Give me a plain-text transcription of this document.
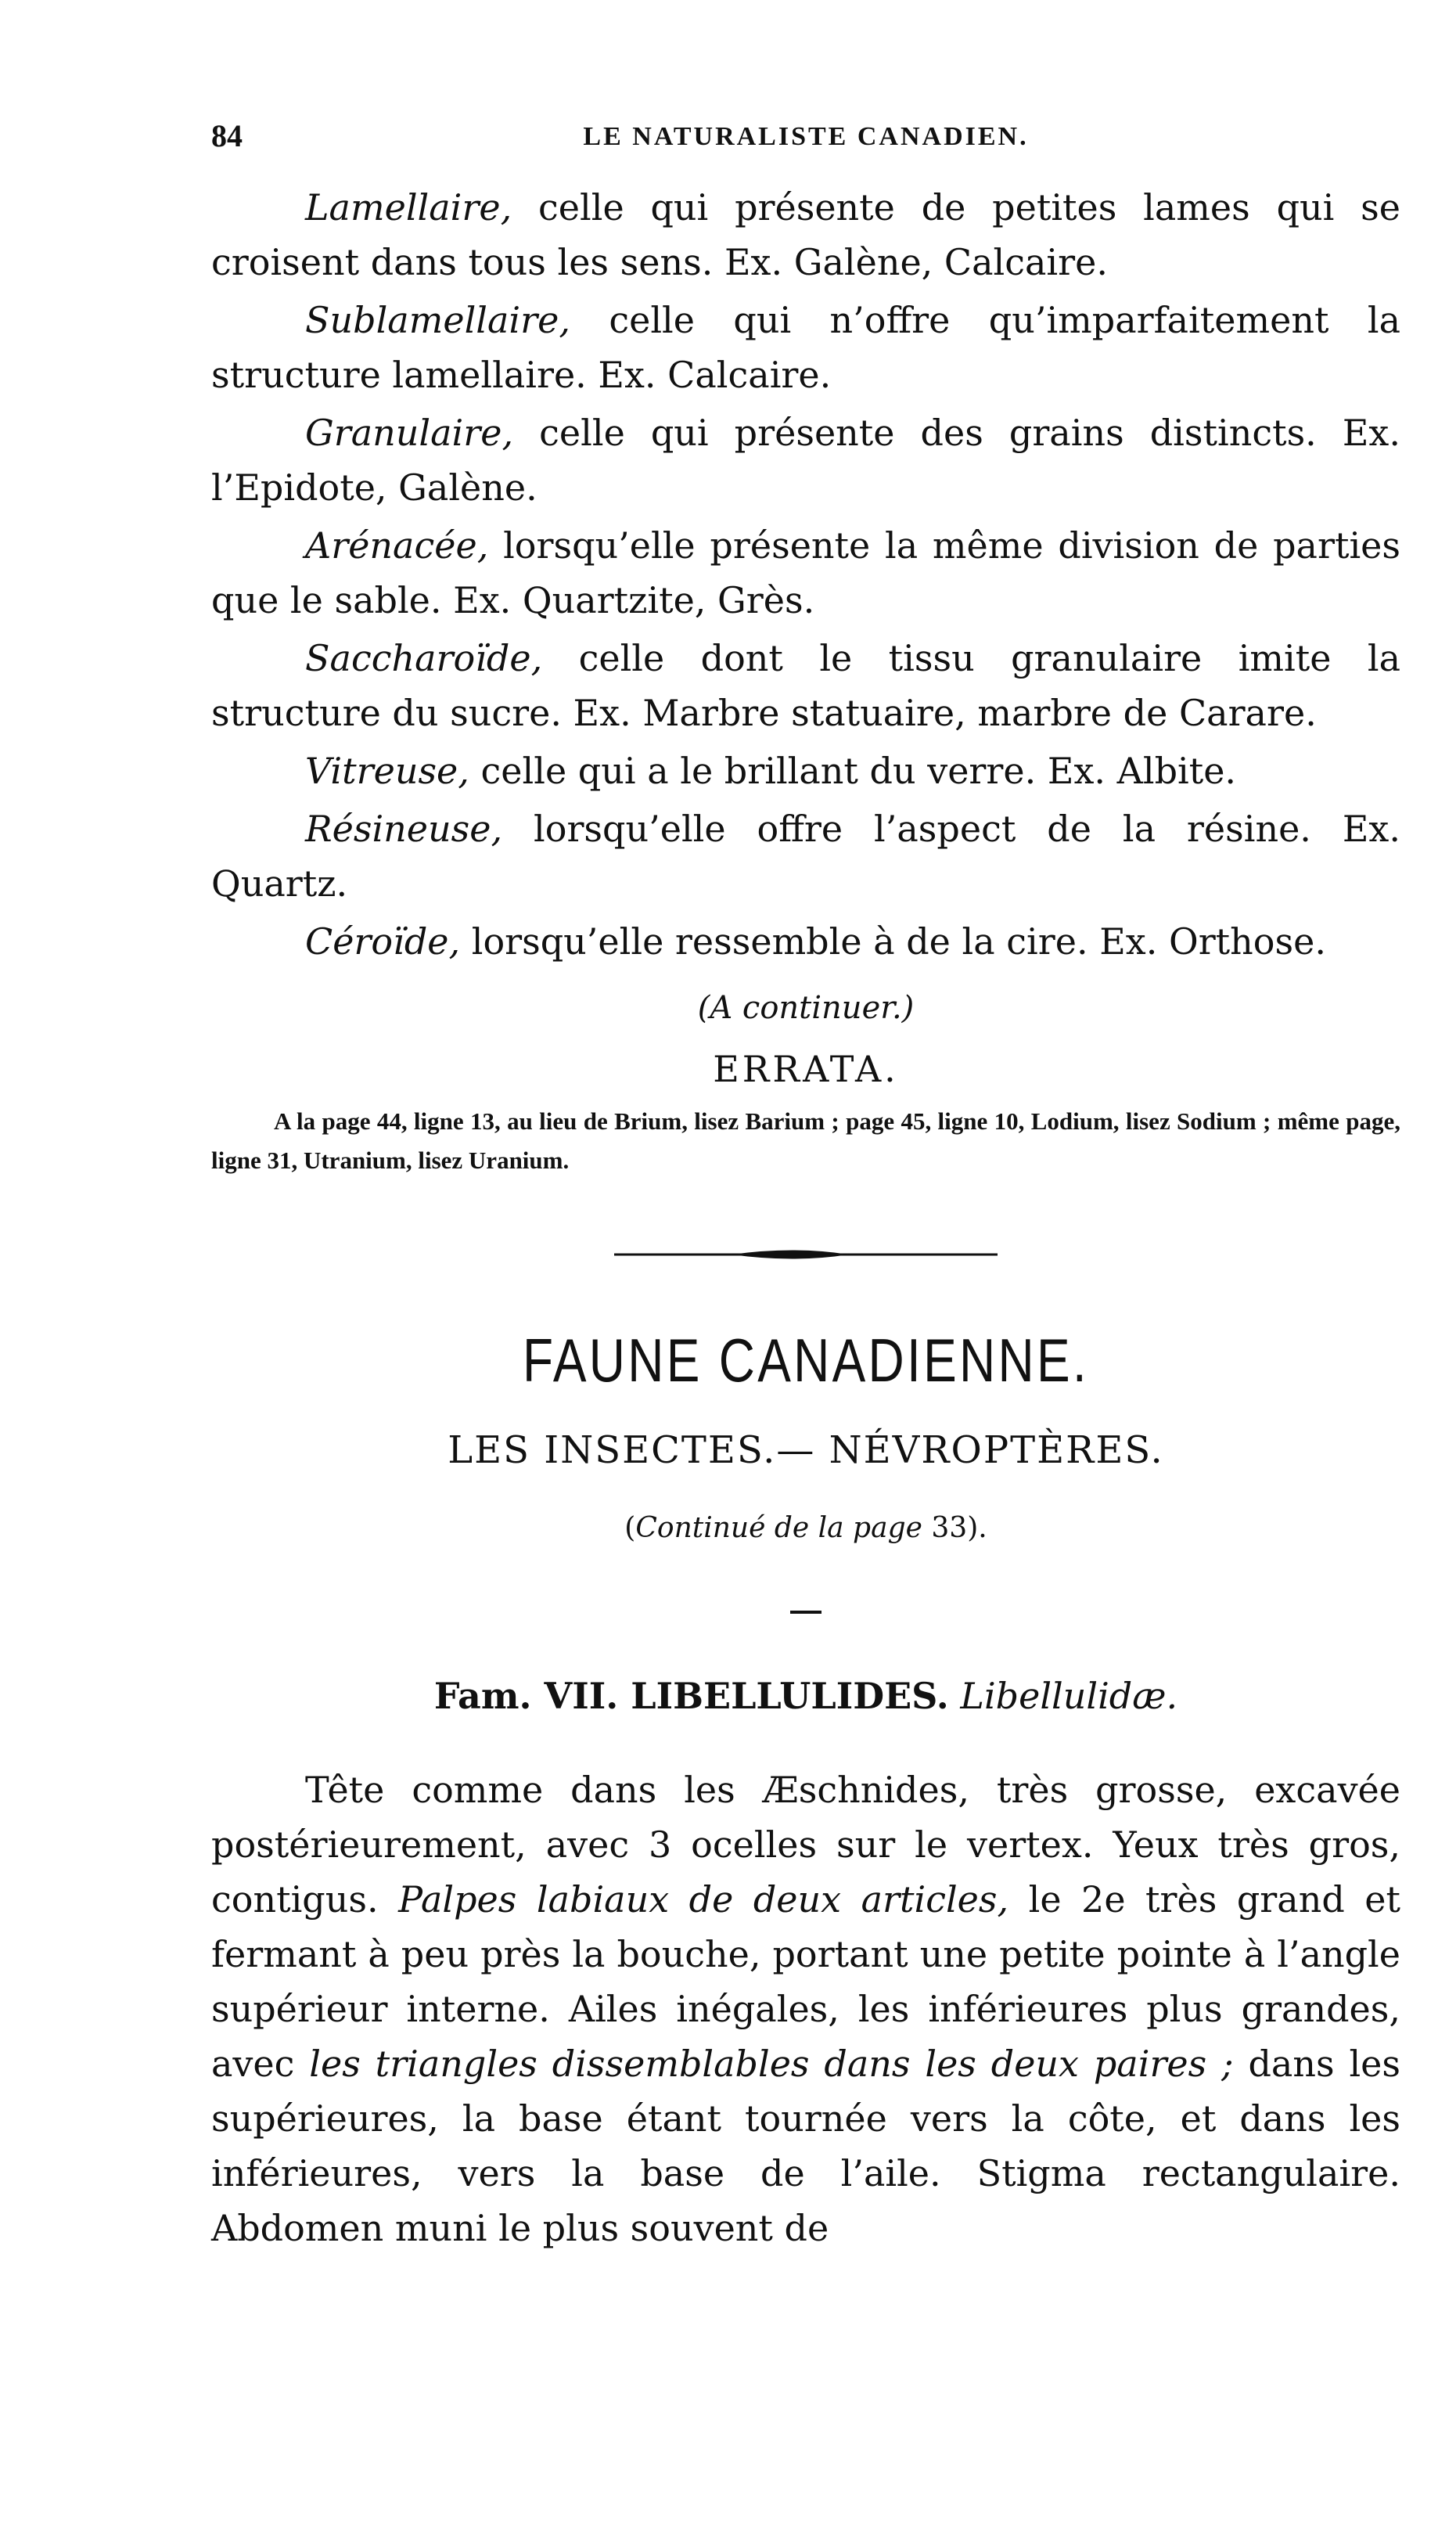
84	LE NATURALISTE CANADIEN.

Lamellaire, celle qui présente de petites lames qui se croisent dans tous les sens. Ex. Galène, Calcaire.

Sublamellaire, celle qui n’offre qu’imparfaitement la structure lamellaire. Ex. Calcaire.

Granulaire, celle qui présente des grains distincts. Ex. l’Epidote, Galène.

Arénacée, lorsqu’elle présente la même division de parties que le sable. Ex. Quartzite, Grès.

Saccharoïde, celle dont le tissu granulaire imite la structure du sucre. Ex. Marbre statuaire, marbre de Carare.

Vitreuse, celle qui a le brillant du verre. Ex. Albite.

Résineuse, lorsqu’elle offre l’aspect de la résine. Ex. Quartz.

Céroïde, lorsqu’elle ressemble à de la cire. Ex. Orthose.

(A continuer.)

ERRATA.

A la page 44, ligne 13, au lieu de Brium, lisez Barium ; page 45, ligne 10, Lodium, lisez Sodium ; même page, ligne 31, Utranium, lisez Uranium.

FAUNE CANADIENNE.
LES INSECTES.— NÉVROPTÈRES.

(Continué de la page 33).

Fam. VII. LIBELLULIDES. Libellulidæ.

Tête comme dans les Æschnides, très grosse, excavée postérieurement, avec 3 ocelles sur le vertex. Yeux très gros, contigus. Palpes labiaux de deux articles, le 2e très grand et fermant à peu près la bouche, portant une petite pointe à l’angle supérieur interne. Ailes inégales, les inférieures plus grandes, avec les triangles dissemblables dans les deux paires ; dans les supérieures, la base étant tournée vers la côte, et dans les inférieures, vers la base de l’aile. Stigma rectangulaire. Abdomen muni le plus souvent de
